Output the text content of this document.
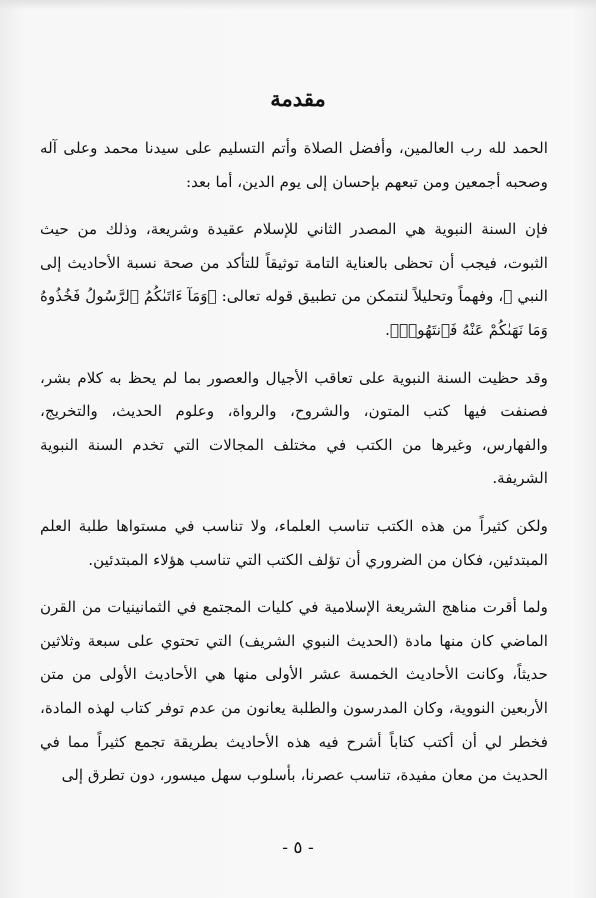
مقدمة
الحمد لله رب العالمين، وأفضل الصلاة وأتم التسليم على سيدنا محمد وعلى آله وصحبه أجمعين ومن تبعهم بإحسان إلى يوم الدين، أما بعد:
فإن السنة النبوية هي المصدر الثاني للإسلام عقيدة وشريعة، وذلك من حيث الثبوت، فيجب أن تحظى بالعناية التامة توثيقاً للتأكد من صحة نسبة الأحاديث إلى النبي ﷺ، وفهماً وتحليلاً لنتمكن من تطبيق قوله تعالى: ﴿وَمَآ ءَاتَىٰكُمُ ٱلرَّسُولُ فَخُذُوهُ وَمَا نَهَىٰكُمْ عَنْهُ فَٱنتَهُوا۟﴾.
وقد حظيت السنة النبوية على تعاقب الأجيال والعصور بما لم يحظ به كلام بشر، فصنفت فيها كتب المتون، والشروح، والرواة، وعلوم الحديث، والتخريج، والفهارس، وغيرها من الكتب في مختلف المجالات التي تخدم السنة النبوية الشريفة.
ولكن كثيراً من هذه الكتب تناسب العلماء، ولا تناسب في مستواها طلبة العلم المبتدئين، فكان من الضروري أن تؤلف الكتب التي تناسب هؤلاء المبتدئين.
ولما أقرت مناهج الشريعة الإسلامية في كليات المجتمع في الثمانينيات من القرن الماضي كان منها مادة (الحديث النبوي الشريف) التي تحتوي على سبعة وثلاثين حديثاً، وكانت الأحاديث الخمسة عشر الأولى منها هي الأحاديث الأولى من متن الأربعين النووية، وكان المدرسون والطلبة يعانون من عدم توفر كتاب لهذه المادة، فخطر لي أن أكتب كتاباً أشرح فيه هذه الأحاديث بطريقة تجمع كثيراً مما في الحديث من معان مفيدة، تناسب عصرنا، بأسلوب سهل ميسور، دون تطرق إلى
- ٥ -
